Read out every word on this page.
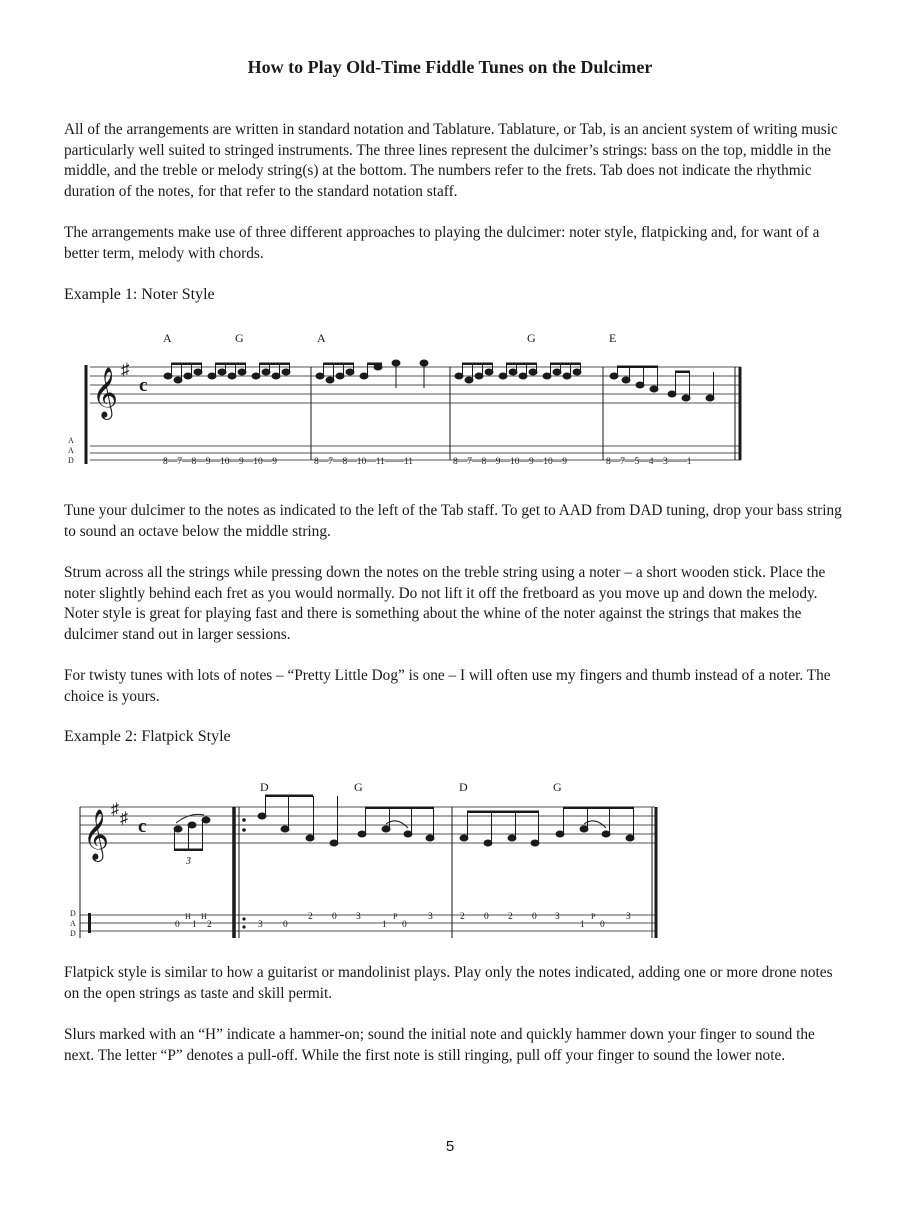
How to Play Old-Time Fiddle Tunes on the Dulcimer

All of the arrangements are written in standard notation and Tablature. Tablature, or Tab, is an ancient system of writing music particularly well suited to stringed instruments. The three lines represent the dulcimer’s strings: bass on the top, middle in the middle, and the treble or melody string(s) at the bottom. The numbers refer to the frets. Tab does not indicate the rhythmic duration of the notes, for that refer to the standard notation staff.

The arrangements make use of three different approaches to playing the dulcimer: noter style, flatpicking and, for want of a better term, melody with chords.

Example 1: Noter Style

A	G	A	G	E
𝄞 ♯
c
A
A
D	8—7—8—9—10—9—10—9	8—7—8—10—11——11	8—7—8—9—10—9—10—9	8—7—5—4—3——1

Tune your dulcimer to the notes as indicated to the left of the Tab staff. To get to AAD from DAD tuning, drop your bass string to sound an octave below the middle string.

Strum across all the strings while pressing down the notes on the treble string using a noter – a short wooden stick. Place the noter slightly behind each fret as you would normally. Do not lift it off the fretboard as you move up and down the melody. Noter style is great for playing fast and there is something about the whine of the noter against the strings that makes the dulcimer stand out in larger sessions.

For twisty tunes with lots of notes – “Pretty Little Dog” is one – I will often use my fingers and thumb instead of a noter. The choice is yours.

Example 2: Flatpick Style

D	G	D	G
𝄞
♯
♯ c
3
D
A
D
0
H
1
H
2	3 0
2 0 3
1
P
0
3	2 0 2 0 3
1
P
0
3

Flatpick style is similar to how a guitarist or mandolinist plays. Play only the notes indicated, adding one or more drone notes on the open strings as taste and skill permit.

Slurs marked with an “H” indicate a hammer-on; sound the initial note and quickly hammer down your finger to sound the next. The letter “P” denotes a pull-off. While the first note is still ringing, pull off your finger to sound the lower note.

5
